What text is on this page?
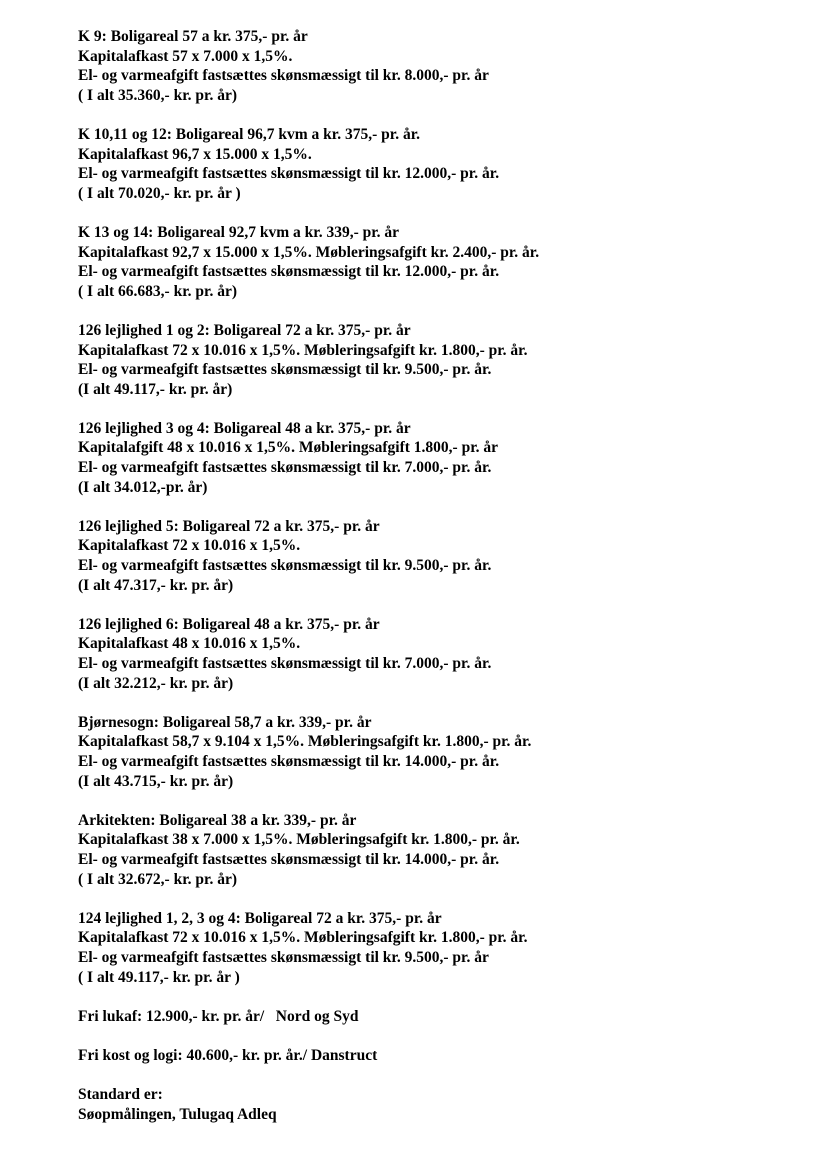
K 9: Boligareal 57 a kr. 375,- pr. år
Kapitalafkast 57 x 7.000 x 1,5%.
El- og varmeafgift fastsættes skønsmæssigt til kr. 8.000,- pr. år
( I alt 35.360,- kr. pr. år)
K 10,11 og 12: Boligareal 96,7 kvm a kr. 375,- pr. år.
Kapitalafkast 96,7 x 15.000 x 1,5%.
El- og varmeafgift fastsættes skønsmæssigt til kr. 12.000,- pr. år.
( I alt 70.020,- kr. pr. år )
K 13 og 14: Boligareal 92,7 kvm a kr. 339,- pr. år
Kapitalafkast 92,7 x 15.000 x 1,5%. Møbleringsafgift kr. 2.400,- pr. år.
El- og varmeafgift fastsættes skønsmæssigt til kr. 12.000,- pr. år.
( I alt 66.683,- kr. pr. år)
126 lejlighed 1 og 2: Boligareal 72 a kr. 375,- pr. år
Kapitalafkast 72 x 10.016 x 1,5%. Møbleringsafgift kr. 1.800,- pr. år.
El- og varmeafgift fastsættes skønsmæssigt til kr. 9.500,- pr. år.
(I alt 49.117,- kr. pr. år)
126 lejlighed 3 og 4: Boligareal 48 a kr. 375,- pr. år
Kapitalafgift 48 x 10.016 x 1,5%. Møbleringsafgift 1.800,- pr. år
El- og varmeafgift fastsættes skønsmæssigt til kr. 7.000,- pr. år.
(I alt 34.012,-pr. år)
126 lejlighed 5: Boligareal 72 a kr. 375,- pr. år
Kapitalafkast 72 x 10.016 x 1,5%.
El- og varmeafgift fastsættes skønsmæssigt til kr. 9.500,- pr. år.
(I alt 47.317,- kr. pr. år)
126 lejlighed 6: Boligareal 48 a kr. 375,- pr. år
Kapitalafkast 48 x 10.016 x 1,5%.
El- og varmeafgift fastsættes skønsmæssigt til kr. 7.000,- pr. år.
(I alt 32.212,- kr. pr. år)
Bjørnesogn: Boligareal 58,7 a kr. 339,- pr. år
Kapitalafkast 58,7 x 9.104 x 1,5%. Møbleringsafgift kr. 1.800,- pr. år.
El- og varmeafgift fastsættes skønsmæssigt til kr. 14.000,- pr. år.
(I alt 43.715,- kr. pr. år)
Arkitekten: Boligareal 38 a kr. 339,- pr. år
Kapitalafkast 38 x 7.000 x 1,5%. Møbleringsafgift kr. 1.800,- pr. år.
El- og varmeafgift fastsættes skønsmæssigt til kr. 14.000,- pr. år.
( I alt 32.672,- kr. pr. år)
124 lejlighed 1, 2, 3 og 4: Boligareal 72 a kr. 375,- pr. år
Kapitalafkast 72 x 10.016 x 1,5%. Møbleringsafgift kr. 1.800,- pr. år.
El- og varmeafgift fastsættes skønsmæssigt til kr. 9.500,- pr. år
( I alt 49.117,- kr. pr. år )
Fri lukaf: 12.900,- kr. pr. år/   Nord og Syd
Fri kost og logi: 40.600,- kr. pr. år./ Danstruct
Standard er:
Søopmålingen, Tulugaq Adleq
